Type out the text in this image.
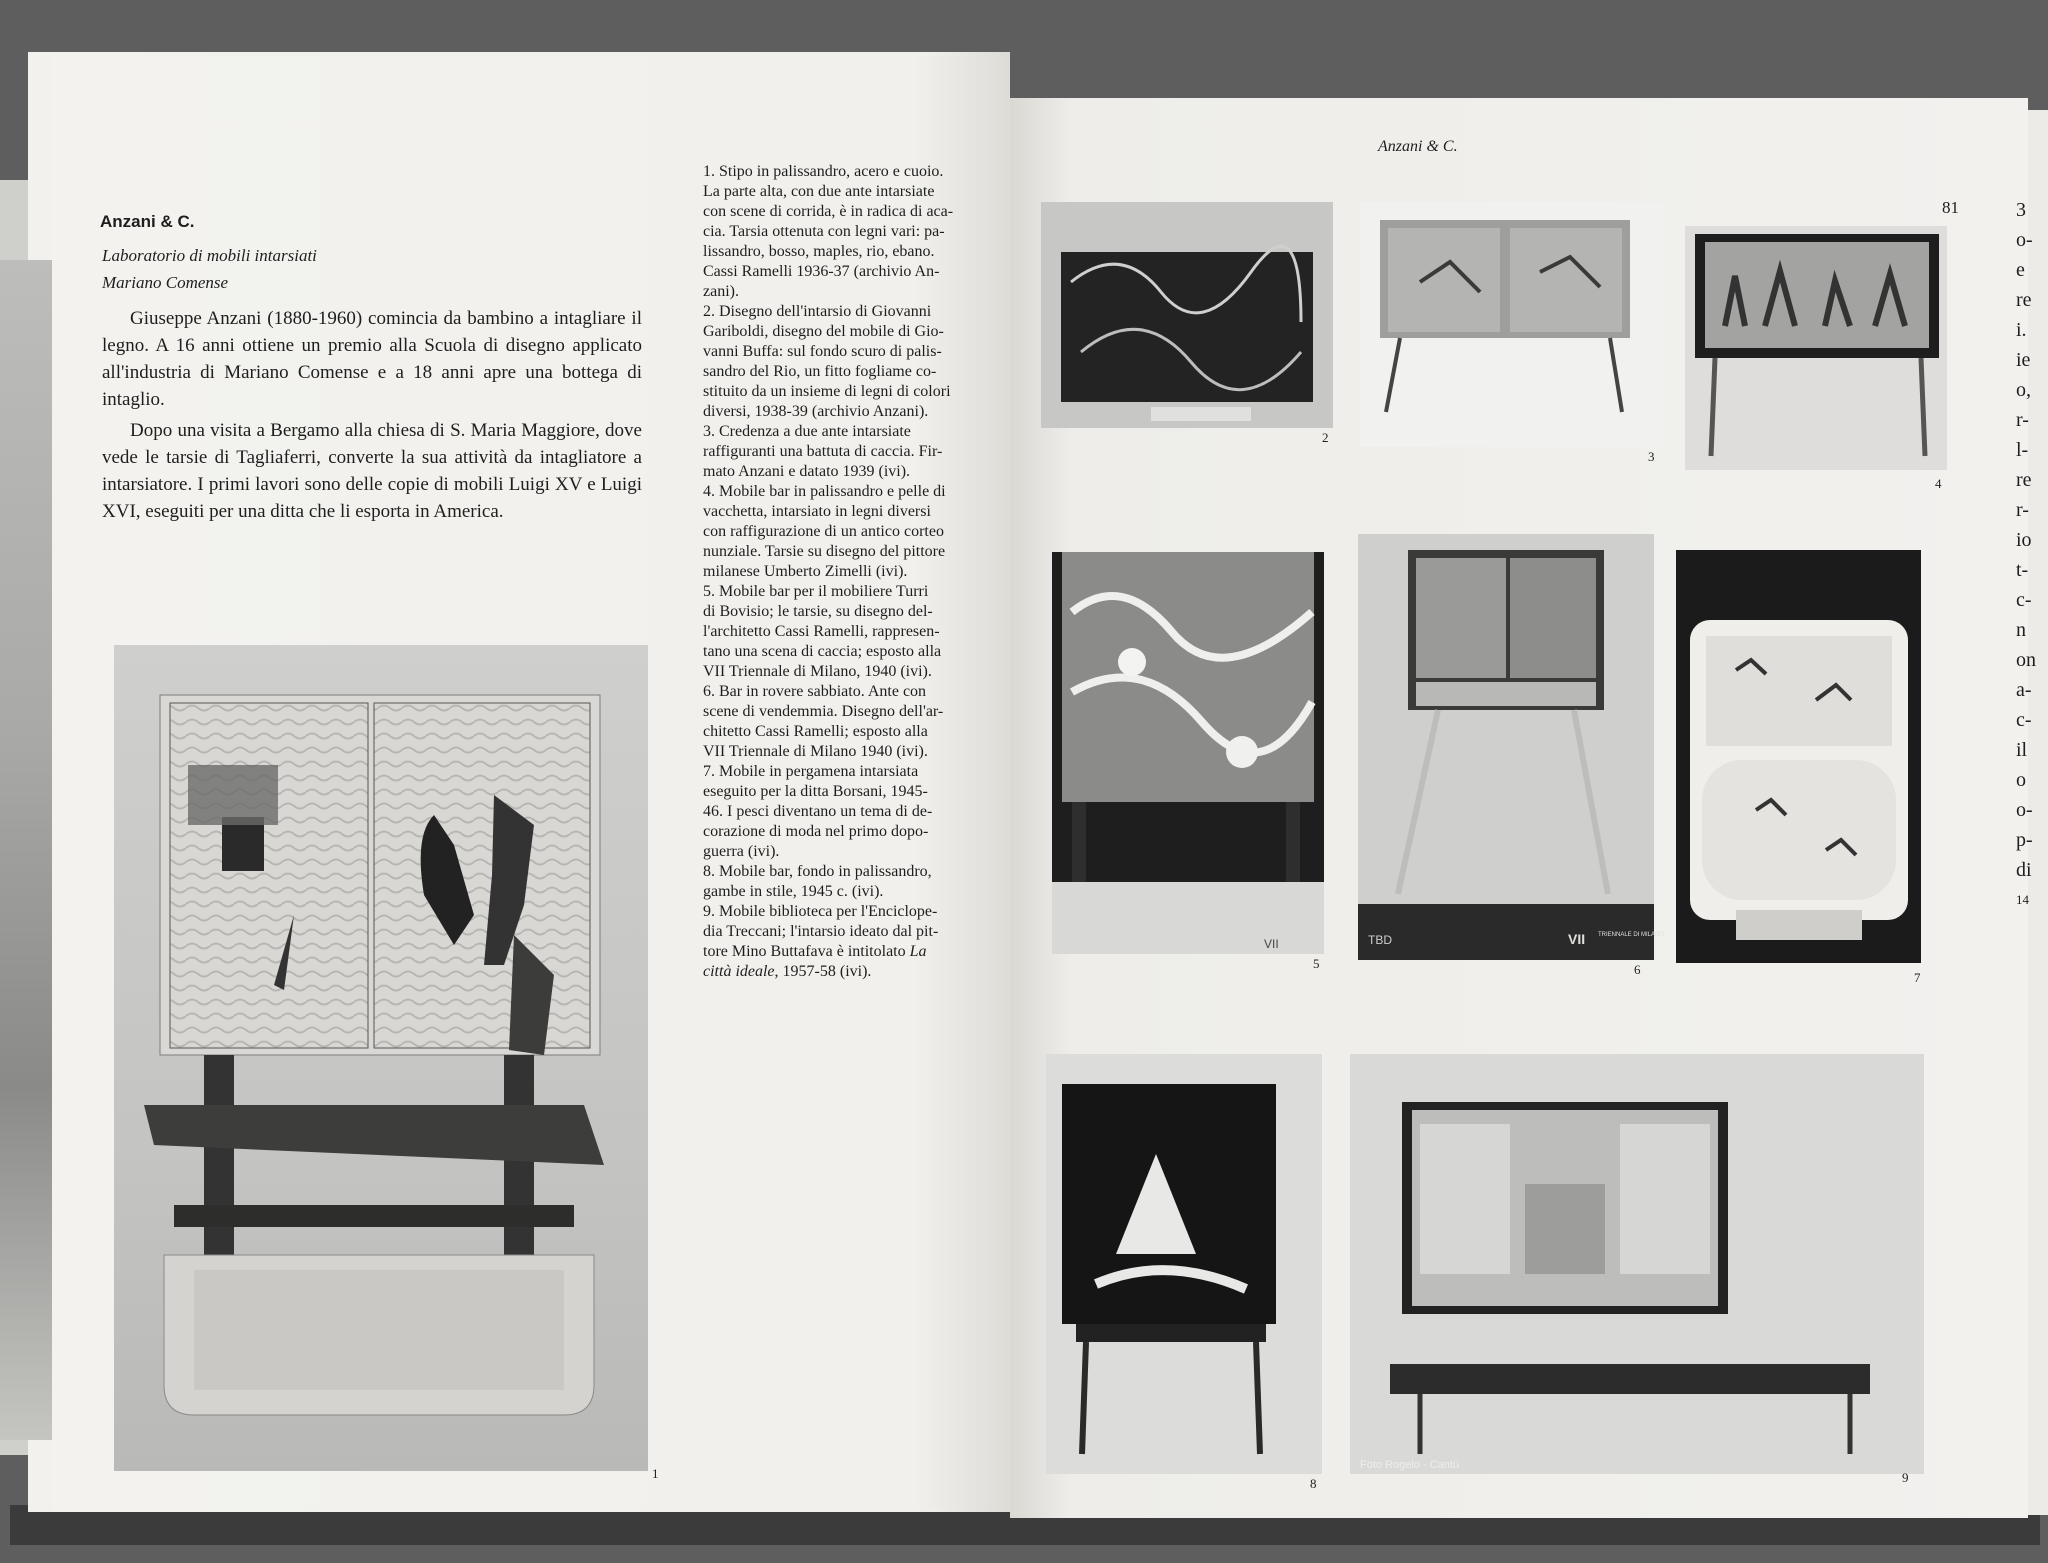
Anzani & C.
Laboratorio di mobili intarsiati
Mariano Comense

Giuseppe Anzani (1880-1960) comincia da bambino a intagliare il legno. A 16 anni ottiene un premio alla Scuola di disegno applicato all'industria di Mariano Comense e a 18 anni apre una bottega di intaglio.

Dopo una visita a Bergamo alla chiesa di S. Maria Maggiore, dove vede le tarsie di Tagliaferri, converte la sua attività da intagliatore a intarsiatore. I primi lavori sono delle copie di mobili Luigi XV e Luigi XVI, eseguiti per una ditta che li esporta in America.

1. Stipo in palissandro, acero e cuoio.
La parte alta, con due ante intarsiate
con scene di corrida, è in radica di aca-
cia. Tarsia ottenuta con legni vari: pa-
lissandro, bosso, maples, rio, ebano.
Cassi Ramelli 1936-37 (archivio An-
zani).
2. Disegno dell'intarsio di Giovanni
Gariboldi, disegno del mobile di Gio-
vanni Buffa: sul fondo scuro di palis-
sandro del Rio, un fitto fogliame co-
stituito da un insieme di legni di colori
diversi, 1938-39 (archivio Anzani).
3. Credenza a due ante intarsiate
raffiguranti una battuta di caccia. Fir-
mato Anzani e datato 1939 (ivi).
4. Mobile bar in palissandro e pelle di
vacchetta, intarsiato in legni diversi
con raffigurazione di un antico corteo
nunziale. Tarsie su disegno del pittore
milanese Umberto Zimelli (ivi).
5. Mobile bar per il mobiliere Turri
di Bovisio; le tarsie, su disegno del-
l'architetto Cassi Ramelli, rappresen-
tano una scena di caccia; esposto alla
VII Triennale di Milano, 1940 (ivi).
6. Bar in rovere sabbiato. Ante con
scene di vendemmia. Disegno dell'ar-
chitetto Cassi Ramelli; esposto alla
VII Triennale di Milano 1940 (ivi).
7. Mobile in pergamena intarsiata
eseguito per la ditta Borsani, 1945-
46. I pesci diventano un tema di de-
corazione di moda nel primo dopo-
guerra (ivi).
8. Mobile bar, fondo in palissandro,
gambe in stile, 1945 c. (ivi).
9. Mobile biblioteca per l'Enciclope-
dia Treccani; l'intarsio ideato dal pit-
tore Mino Buttafava è intitolato La
città ideale, 1957-58 (ivi).
1
Anzani & C.
81
2
3
4
VII
5
TBD	VII TRIENNALE DI MILANO
6
7
8
Foto Rogelo - Cantù
9
3
o-
e
re
i.
ie
o,
r-
l-
re
r-
io
t-
c-
n
on
a-
c-
il
o
o-
p-
di
14
